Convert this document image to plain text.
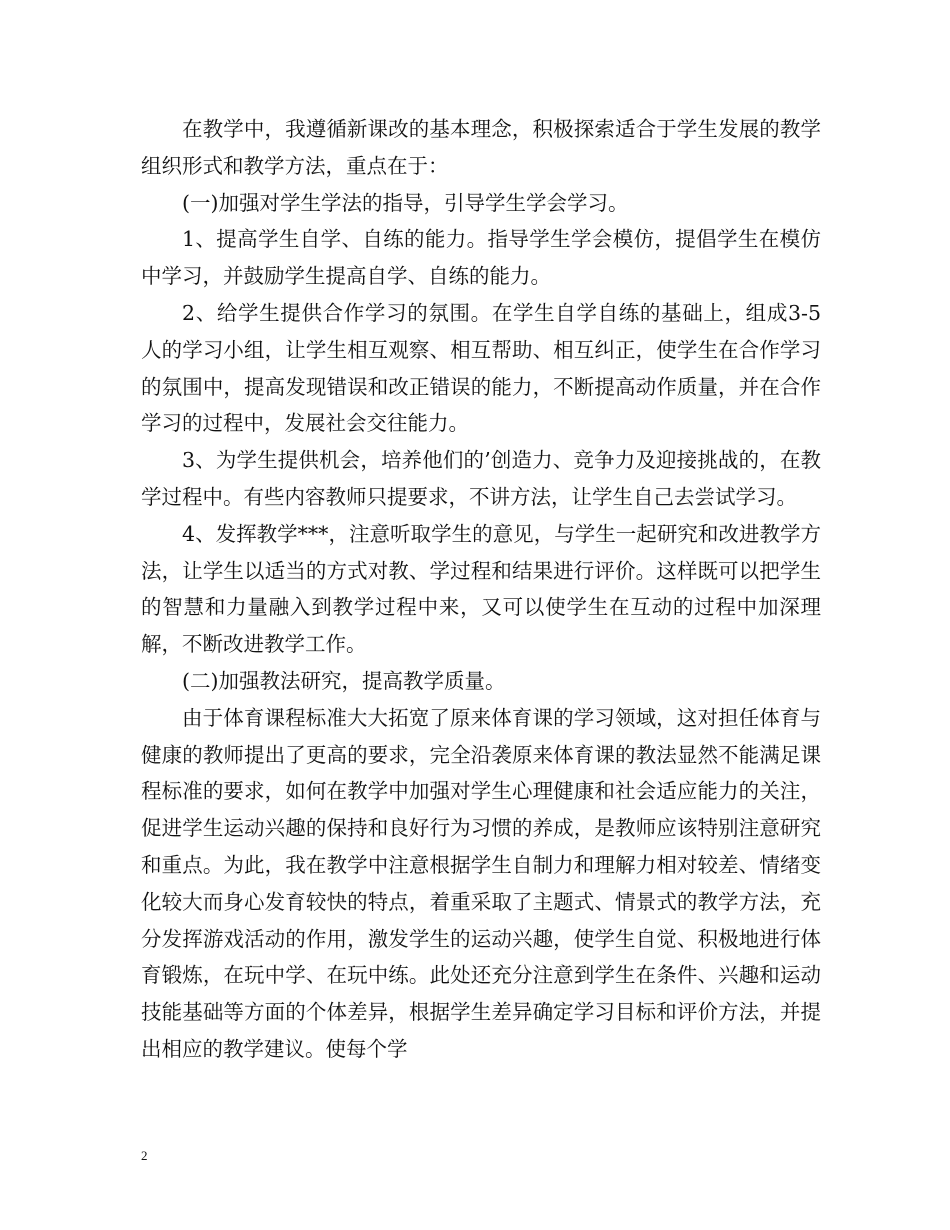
在教学中，我遵循新课改的基本理念，积极探索适合于学生发展的教学组织形式和教学方法，重点在于：

(一)加强对学生学法的指导，引导学生学会学习。

1、提高学生自学、自练的能力。指导学生学会模仿，提倡学生在模仿中学习，并鼓励学生提高自学、自练的能力。

2、给学生提供合作学习的氛围。在学生自学自练的基础上，组成3-5人的学习小组，让学生相互观察、相互帮助、相互纠正，使学生在合作学习的氛围中，提高发现错误和改正错误的能力，不断提高动作质量，并在合作学习的过程中，发展社会交往能力。

3、为学生提供机会，培养他们的’创造力、竞争力及迎接挑战的，在教学过程中。有些内容教师只提要求，不讲方法，让学生自己去尝试学习。

4、发挥教学***，注意听取学生的意见，与学生一起研究和改进教学方法，让学生以适当的方式对教、学过程和结果进行评价。这样既可以把学生的智慧和力量融入到教学过程中来，又可以使学生在互动的过程中加深理解，不断改进教学工作。

(二)加强教法研究，提高教学质量。

由于体育课程标准大大拓宽了原来体育课的学习领域，这对担任体育与健康的教师提出了更高的要求，完全沿袭原来体育课的教法显然不能满足课程标准的要求，如何在教学中加强对学生心理健康和社会适应能力的关注，促进学生运动兴趣的保持和良好行为习惯的养成，是教师应该特别注意研究和重点。为此，我在教学中注意根据学生自制力和理解力相对较差、情绪变化较大而身心发育较快的特点，着重采取了主题式、情景式的教学方法，充分发挥游戏活动的作用，激发学生的运动兴趣，使学生自觉、积极地进行体育锻炼，在玩中学、在玩中练。此处还充分注意到学生在条件、兴趣和运动技能基础等方面的个体差异，根据学生差异确定学习目标和评价方法，并提出相应的教学建议。使每个学

2
